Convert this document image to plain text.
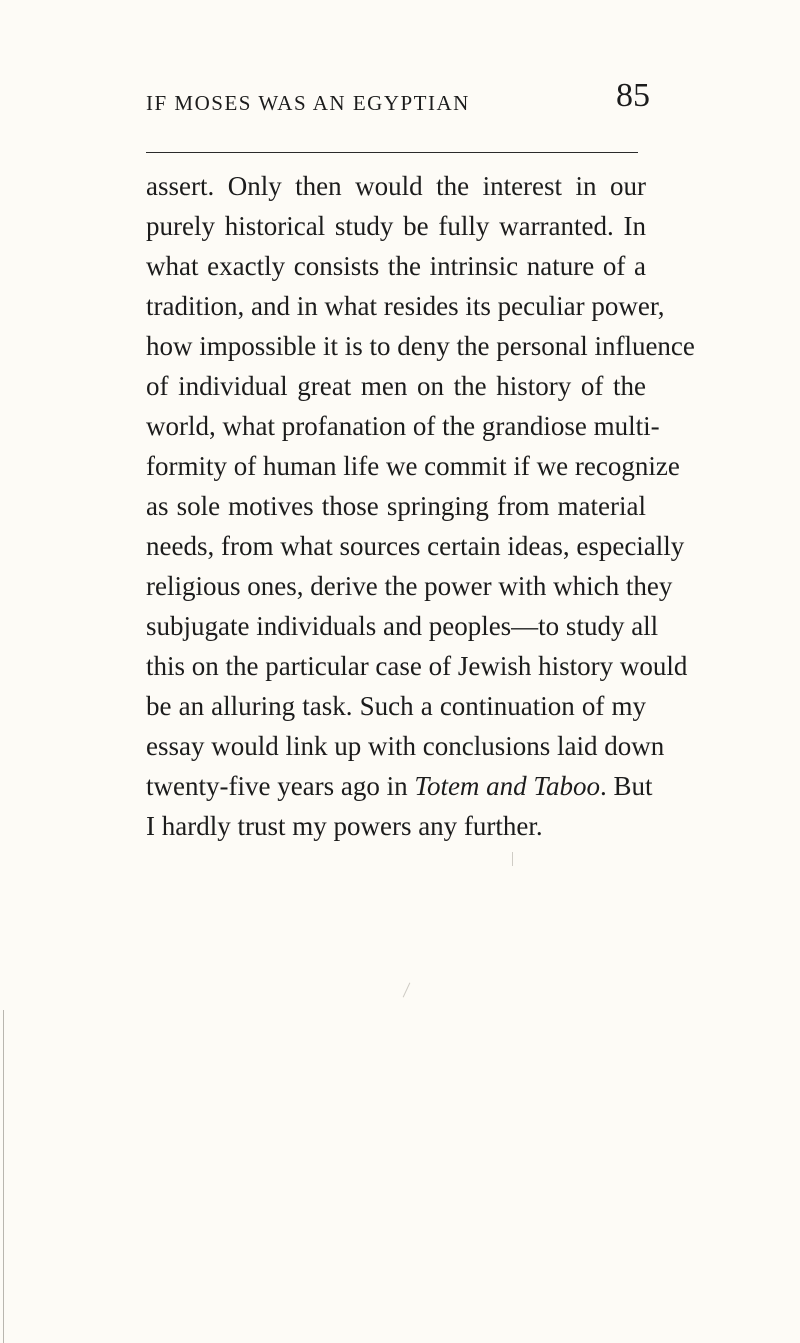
IF MOSES WAS AN EGYPTIAN	85
assert. Only then would the interest in our
purely historical study be fully warranted. In
what exactly consists the intrinsic nature of a
tradition, and in what resides its peculiar power,
how impossible it is to deny the personal influence
of individual great men on the history of the
world, what profanation of the grandiose multi-
formity of human life we commit if we recognize
as sole motives those springing from material
needs, from what sources certain ideas, especially
religious ones, derive the power with which they
subjugate individuals and peoples—to study all
this on the particular case of Jewish history would
be an alluring task. Such a continuation of my
essay would link up with conclusions laid down
twenty-five years ago in Totem and Taboo. But
I hardly trust my powers any further.
